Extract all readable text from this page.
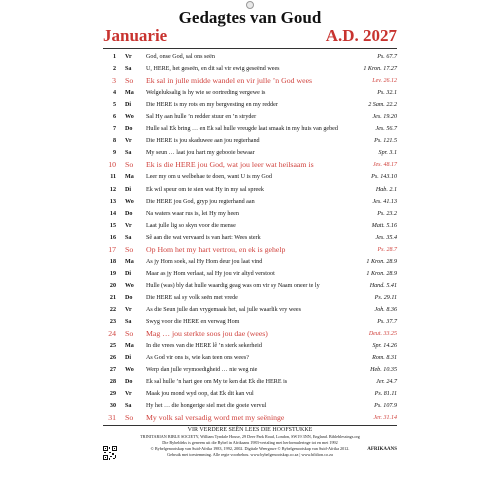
Gedagtes van Goud
Januarie	A.D. 2027
1 Vr God, onse God, sal ons seën	Ps. 67.7
2 Sa U, HERE, het geseën, en dit sal vir ewig geseënd wees	1 Kron. 17.27
3 So Ek sal in julle midde wandel en vir julle ’n God wees	Lev. 26.12
4 Ma Welgeluksalig is hy wie se oortreding vergewe is	Ps. 32.1
5 Di Die HERE is my rots en my bergvesting en my redder	2 Sam. 22.2
6 Wo Sal Hy aan hulle ’n redder stuur en ’n stryder	Jes. 19.20
7 Do Hulle sal Ek bring … en Ek sal hulle vreugde laat smaak in my huis van gebed	Jes. 56.7
8 Vr Die HERE is jou skaduwee aan jou regterhand	Ps. 121.5
9 Sa My seun … laat jou hart my gebooie bewaar	Spr. 3.1
10 So Ek is die HERE jou God, wat jou leer wat heilsaam is	Jes. 48.17
11 Ma Leer my om u welbehae te doen, want U is my God	Ps. 143.10
12 Di Ek wil speur om te sien wat Hy in my sal spreek	Hab. 2.1
13 Wo Die HERE jou God, gryp jou regterhand aan	Jes. 41.13
14 Do Na waters waar rus is, lei Hy my heen	Ps. 23.2
15 Vr Laat julle lig so skyn voor die mense	Matt. 5.16
16 Sa Sê aan die wat vervaard is van hart: Wees sterk	Jes. 35.4
17 So Op Hom het my hart vertrou, en ek is gehelp	Ps. 28.7
18 Ma As jy Hom soek, sal Hy Hom deur jou laat vind	1 Kron. 28.9
19 Di Maar as jy Hom verlaat, sal Hy jou vir altyd verstoot	1 Kron. 28.9
20 Wo Hulle (was) bly dat hulle waardig geag was om vir sy Naam oneer te ly	Hand. 5.41
21 Do Die HERE sal sy volk seën met vrede	Ps. 29.11
22 Vr As die Seun julle dan vrygemaak het, sal julle waarlik vry wees	Joh. 8.36
23 Sa Swyg voor die HERE en verwag Hom	Ps. 37.7
24 So Mag … jou sterkte soos jou dae (wees)	Deut. 33.25
25 Ma In die vrees van die HERE lê ’n sterk sekerheid	Spr. 14.26
26 Di As God vir ons is, wie kan teen ons wees?	Rom. 8.31
27 Wo Werp dan julle vrymoedigheid … nie weg nie	Heb. 10.35
28 Do Ek sal hulle ’n hart gee om My te ken dat Ek die HERE is	Jer. 24.7
29 Vr Maak jou mond wyd oop, dat Ek dit kan vul	Ps. 81.11
30 Sa Hy het … die hongerige siel met die goeie vervul	Ps. 107.9
31 So My volk sal versadig word met my seëninge	Jer. 31.14
VIR VERDERE SEËN LEES DIE HOOFSTUKKE
TRINITARIAN BIBLE SOCIETY, William Tyndale House, 29 Deer Park Road, London, SW19 3NN, England. Bibleblessings.org
Die Bybeldeks is geneem uit die Bybel in Afrikaans 1983-vertaling met herformuleringe tot en met 1992
© Bybelgenootskap van Suid-Afrika 1983, 1992, 2002. Digitale Weergawe © Bybelgenootskap van Suid-Afrika 2012.
Gebruik met toestemming. Alle regte voorbehou. www.bybelgenootskap.co.za | www.biblion.co.za
AFRIKAANS
